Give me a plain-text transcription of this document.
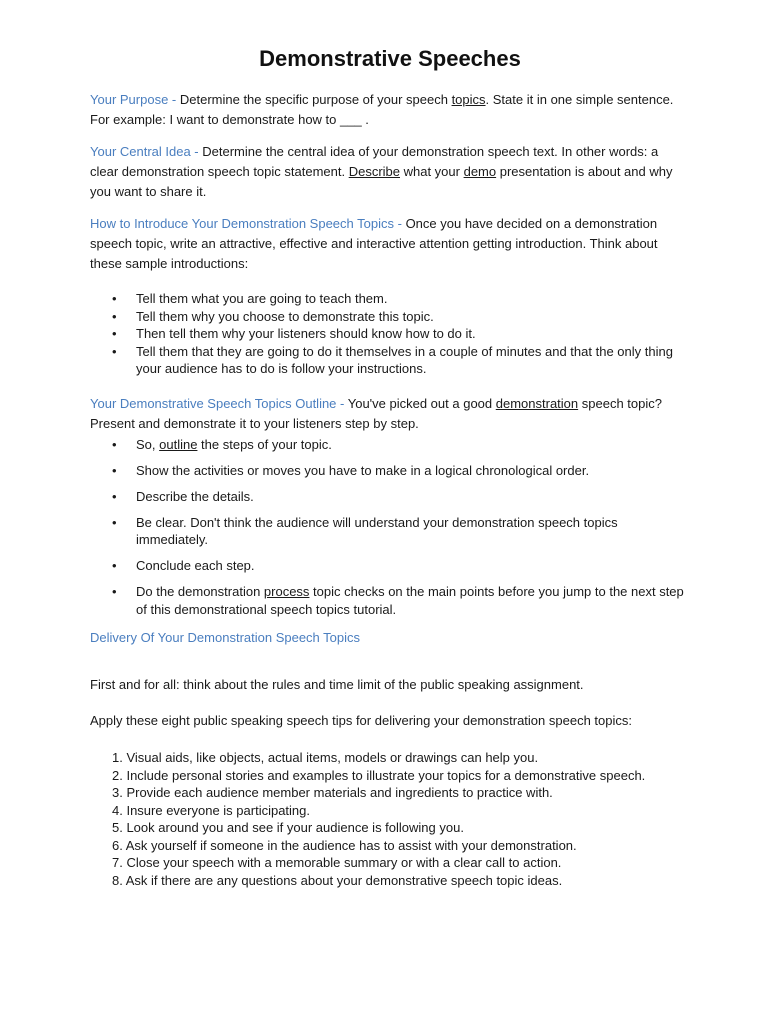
Demonstrative Speeches

Your Purpose - Determine the specific purpose of your speech topics. State it in one simple sentence. For example: I want to demonstrate how to ___ .

Your Central Idea - Determine the central idea of your demonstration speech text. In other words: a clear demonstration speech topic statement. Describe what your demo presentation is about and why you want to share it.

How to Introduce Your Demonstration Speech Topics - Once you have decided on a demonstration speech topic, write an attractive, effective and interactive attention getting introduction. Think about these sample introductions:

• Tell them what you are going to teach them.
• Tell them why you choose to demonstrate this topic.
• Then tell them why your listeners should know how to do it.
• Tell them that they are going to do it themselves in a couple of minutes and that the only thing your audience has to do is follow your instructions.

Your Demonstrative Speech Topics Outline - You've picked out a good demonstration speech topic? Present and demonstrate it to your listeners step by step.

• So, outline the steps of your topic.
• Show the activities or moves you have to make in a logical chronological order.
• Describe the details.
• Be clear. Don't think the audience will understand your demonstration speech topics immediately.
• Conclude each step.
• Do the demonstration process topic checks on the main points before you jump to the next step of this demonstrational speech topics tutorial.

Delivery Of Your Demonstration Speech Topics

First and for all: think about the rules and time limit of the public speaking assignment.

Apply these eight public speaking speech tips for delivering your demonstration speech topics:

1. Visual aids, like objects, actual items, models or drawings can help you.
2. Include personal stories and examples to illustrate your topics for a demonstrative speech.
3. Provide each audience member materials and ingredients to practice with.
4. Insure everyone is participating.
5. Look around you and see if your audience is following you.
6. Ask yourself if someone in the audience has to assist with your demonstration.
7. Close your speech with a memorable summary or with a clear call to action.
8. Ask if there are any questions about your demonstrative speech topic ideas.
